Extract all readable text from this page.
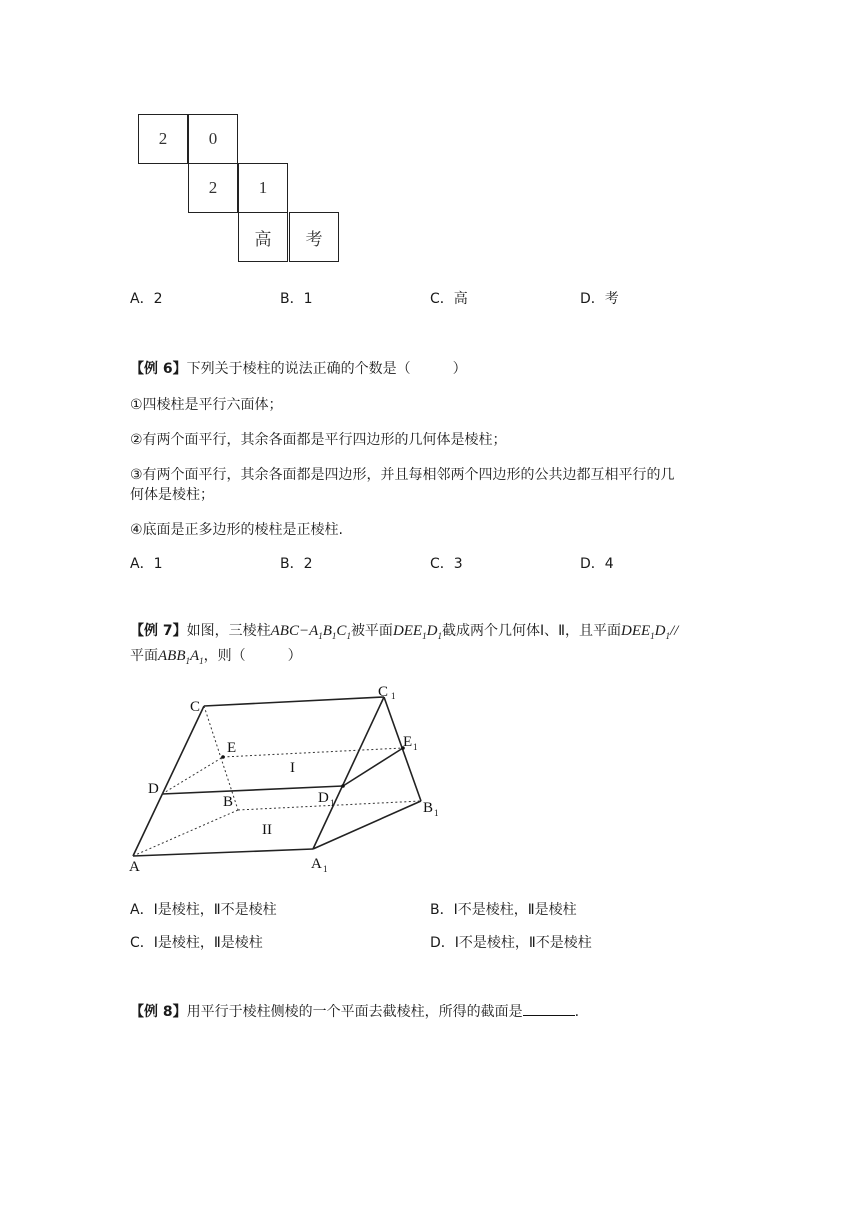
2	0
2	1
高	考
A．2	B．1	C．高	D．考
【例 6】下列关于棱柱的说法正确的个数是（　　　）
①四棱柱是平行六面体；
②有两个面平行，其余各面都是平行四边形的几何体是棱柱；
③有两个面平行，其余各面都是四边形，并且每相邻两个四边形的公共边都互相平行的几
何体是棱柱；
④底面是正多边形的棱柱是正棱柱.
A．1	B．2	C．3	D．4
【例 7】如图，三棱柱$ABC-A_1B_1C_1$被平面$DEE_1D_1$截成两个几何体Ⅰ、Ⅱ，且平面$DEE_1D_1//$
平面$ABB_1A_1$，则（　　　）
C
C 1
E	E 1
I
D
B	D 1	B 1
II
A	A 1
A．Ⅰ是棱柱，Ⅱ不是棱柱	B．Ⅰ不是棱柱，Ⅱ是棱柱
C．Ⅰ是棱柱，Ⅱ是棱柱	D．Ⅰ不是棱柱，Ⅱ不是棱柱
【例 8】用平行于棱柱侧棱的一个平面去截棱柱，所得的截面是	.
